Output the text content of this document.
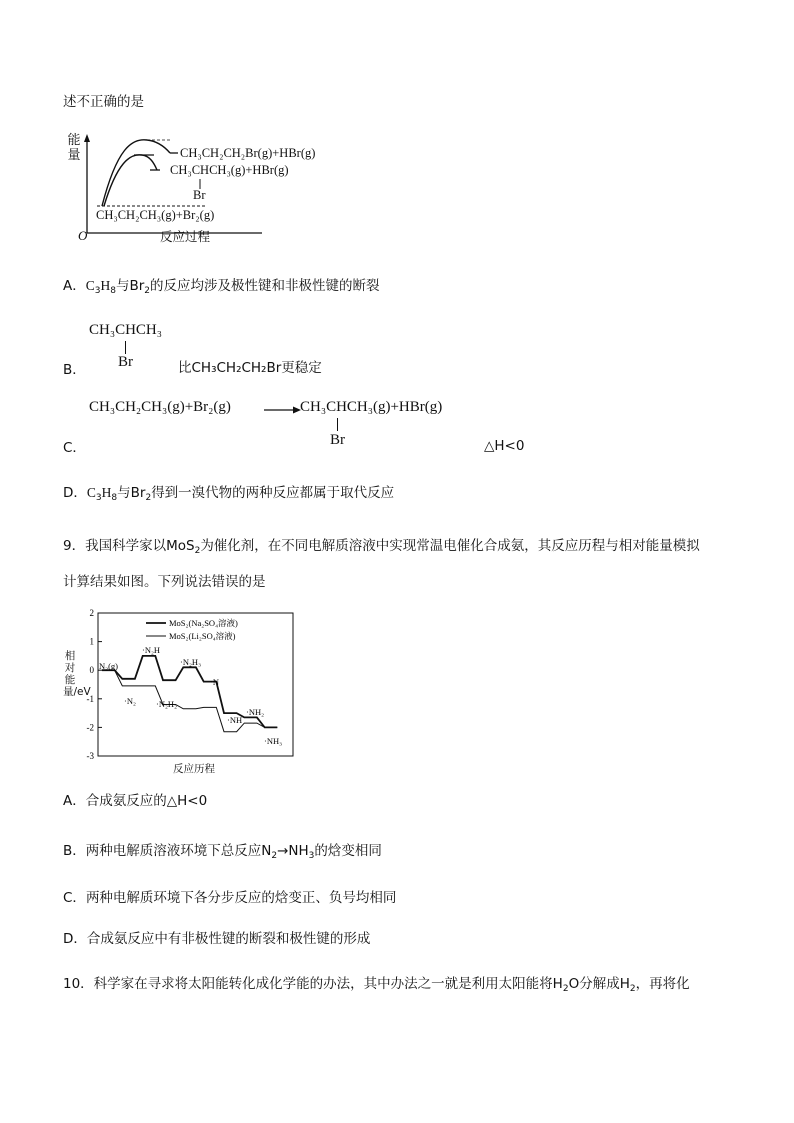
述不正确的是
能量
O
CH₃CH₂CH₂Br(g)+HBr(g)
CH₃CHCH₃(g)+HBr(g)
Br
CH₃CH₂CH₃(g)+Br₂(g)
反应过程
A．$C_3H_8$与$Br_2$的反应均涉及极性键和非极性键的断裂
CH₃CHCH₃
Br
B．	比CH₃CH₂CH₂Br更稳定
CH₃CH₂CH₃(g)+Br₂(g)	CH₃CHCH₃(g)+HBr(g)
Br
C．	△H<0
D．$C_3H_8$与$Br_2$得到一溴代物的两种反应都属于取代反应
9．我国科学家以MoS$_2$为催化剂，在不同电解质溶液中实现常温电催化合成氨，其反应历程与相对能量模拟
计算结果如图。下列说法错误的是
相对能量/eV
2
1
0
-1
-2
-3
MoS₂(Na₂SO₄溶液)
MoS₂(Li₂SO₄溶液)
N₂(g)
·N₂
·N₂H
·N₂H₂
·N₂H₃
·N
·NH
·NH₂
·NH₃
反应历程
A．合成氨反应的△H<0
B．两种电解质溶液环境下总反应$N_2\to NH_3$的焓变相同
C．两种电解质环境下各分步反应的焓变正、负号均相同
D．合成氨反应中有非极性键的断裂和极性键的形成
10．科学家在寻求将太阳能转化成化学能的办法，其中办法之一就是利用太阳能将$H_2O$分解成$H_2$，再将化
